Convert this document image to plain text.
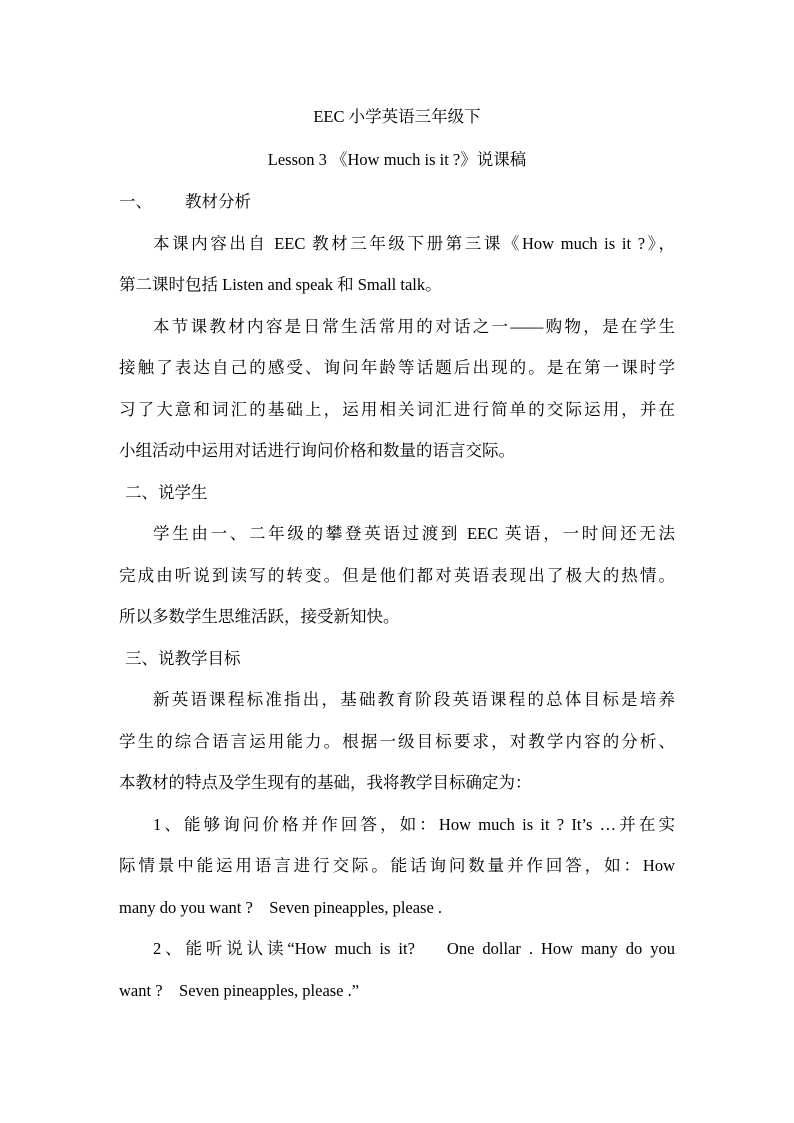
EEC 小学英语三年级下
Lesson 3 《How much is it ?》说课稿
一、 教材分析
本课内容出自 EEC 教材三年级下册第三课《How much is it ?》，
第二课时包括 Listen and speak 和 Small talk。
本节课教材内容是日常生活常用的对话之一——购物，是在学生
接触了表达自己的感受、询问年龄等话题后出现的。是在第一课时学
习了大意和词汇的基础上，运用相关词汇进行简单的交际运用，并在
小组活动中运用对话进行询问价格和数量的语言交际。
二、说学生
学生由一、二年级的攀登英语过渡到 EEC 英语，一时间还无法
完成由听说到读写的转变。但是他们都对英语表现出了极大的热情。
所以多数学生思维活跃，接受新知快。
三、说教学目标
新英语课程标准指出，基础教育阶段英语课程的总体目标是培养
学生的综合语言运用能力。根据一级目标要求，对教学内容的分析、
本教材的特点及学生现有的基础，我将教学目标确定为：
1、能够询问价格并作回答，如：How much is it ? It’s …并在实
际情景中能运用语言进行交际。能话询问数量并作回答，如：How
many do you want ?    Seven pineapples, please .
2、能听说认读“How much is it?    One dollar . How many do you
want ?    Seven pineapples, please .”
